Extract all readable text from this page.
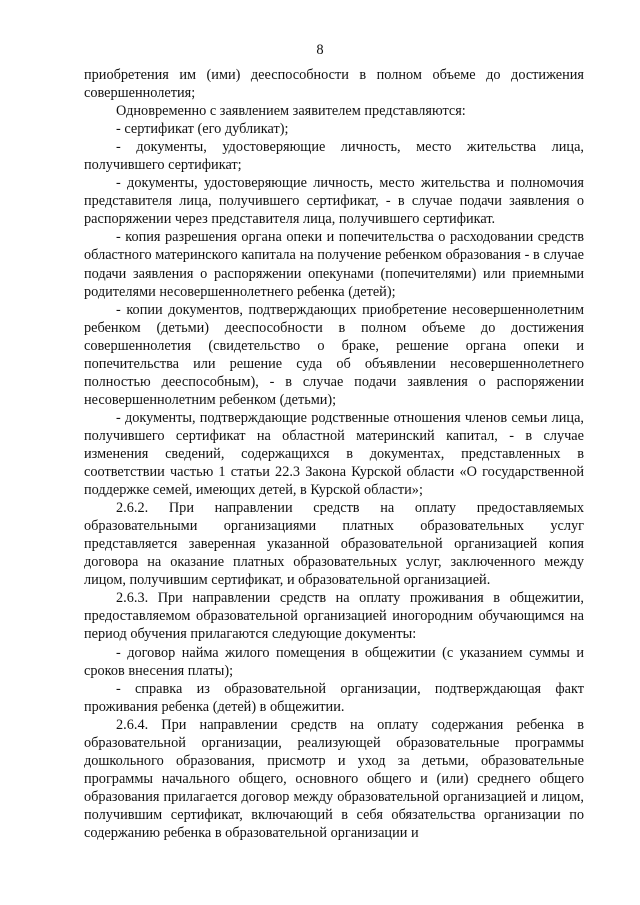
8

приобретения им (ими) дееспособности в полном объеме до достижения совершеннолетия;

Одновременно с заявлением заявителем представляются:

- сертификат (его дубликат);

- документы, удостоверяющие личность, место жительства лица, получившего сертификат;

- документы, удостоверяющие личность, место жительства и полномочия представителя лица, получившего сертификат, - в случае подачи заявления о распоряжении через представителя лица, получившего сертификат.

- копия разрешения органа опеки и попечительства о расходовании средств областного материнского капитала на получение ребенком образования - в случае подачи заявления о распоряжении опекунами (попечителями) или приемными родителями несовершеннолетнего ребенка (детей);

- копии документов, подтверждающих приобретение несовершеннолетним ребенком (детьми) дееспособности в полном объеме до достижения совершеннолетия (свидетельство о браке, решение органа опеки и попечительства или решение суда об объявлении несовершеннолетнего полностью дееспособным), - в случае подачи заявления о распоряжении несовершеннолетним ребенком (детьми);

- документы, подтверждающие родственные отношения членов семьи лица, получившего сертификат на областной материнский капитал, - в случае изменения сведений, содержащихся в документах, представленных в соответствии частью 1 статьи 22.3 Закона Курской области «О государственной поддержке семей, имеющих детей, в Курской области»;

2.6.2. При направлении средств на оплату предоставляемых образовательными организациями платных образовательных услуг представляется заверенная указанной образовательной организацией копия договора на оказание платных образовательных услуг, заключенного между лицом, получившим сертификат, и образовательной организацией.

2.6.3. При направлении средств на оплату проживания в общежитии, предоставляемом образовательной организацией иногородним обучающимся на период обучения прилагаются следующие документы:

- договор найма жилого помещения в общежитии (с указанием суммы и сроков внесения платы);

- справка из образовательной организации, подтверждающая факт проживания ребенка (детей) в общежитии.

2.6.4. При направлении средств на оплату содержания ребенка в образовательной организации, реализующей образовательные программы дошкольного образования, присмотр и уход за детьми, образовательные программы начального общего, основного общего и (или) среднего общего образования прилагается договор между образовательной организацией и лицом, получившим сертификат, включающий в себя обязательства организации по содержанию ребенка в образовательной организации и
